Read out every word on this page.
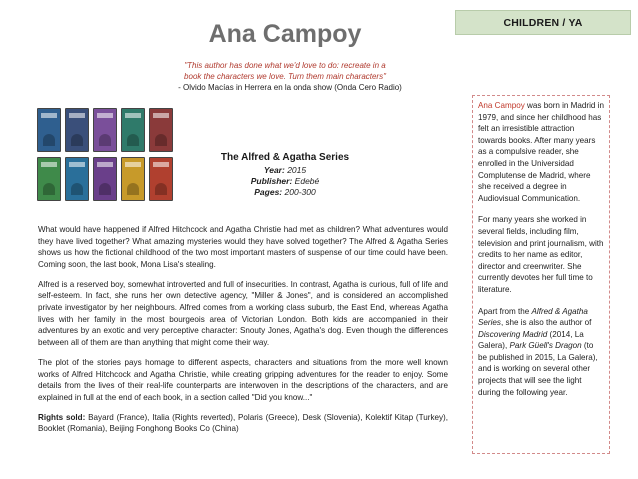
CHILDREN / YA
Ana Campoy
"This author has done what we'd love to do: recreate in a
book the characters we love. Turn them main characters"
- Olvido Macías in Herrera en la onda show (Onda Cero Radio)
The Alfred & Agatha Series
Year: 2015
Publisher: Edebé
Pages: 200-300

What would have happened if Alfred Hitchcock and Agatha Christie had met as children? What adventures would they have lived together? What amazing mysteries would they have solved together? The Alfred & Agatha Series shows us how the fictional childhood of the two most important masters of suspense of our time could have been. Coming soon, the last book, Mona Lisa's stealing.

Alfred is a reserved boy, somewhat introverted and full of insecurities. In contrast, Agatha is curious, full of life and self-esteem. In fact, she runs her own detective agency, "Miller & Jones", and is considered an accomplished private investigator by her neighbours. Alfred comes from a working class suburb, the East End, whereas Agatha lives with her family in the most bourgeois area of Victorian London. Both kids are accompanied in their adventures by an exotic and very perceptive character: Snouty Jones, Agatha's dog. Even though the differences between all of them are than anything that might come their way.

The plot of the stories pays homage to different aspects, characters and situations from the more well known works of Alfred Hitchcock and Agatha Christie, while creating gripping adventures for the reader to enjoy. Some details from the lives of their real-life counterparts are interwoven in the descriptions of the characters, and are explained in full at the end of each book, in a section called "Did you know..."

Rights sold: Bayard (France), Italia (Rights reverted), Polaris (Greece), Desk (Slovenia), Kolektif Kitap (Turkey), Booklet (Romania), Beijing Fonghong Books Co (China)

Ana Campoy was born in Madrid in 1979, and since her childhood has felt an irresistible attraction towards books. After many years as a compulsive reader, she enrolled in the Universidad Complutense de Madrid, where she received a degree in Audiovisual Communication.

For many years she worked in several fields, including film, television and print journalism, with credits to her name as editor, director and creenwriter. She currently devotes her full time to literature.

Apart from the Alfred & Agatha Series, she is also the author of Discovering Madrid (2014, La Galera), Park Güell's Dragon (to be published in 2015, La Galera), and is working on several other projects that will see the light during the following year.
